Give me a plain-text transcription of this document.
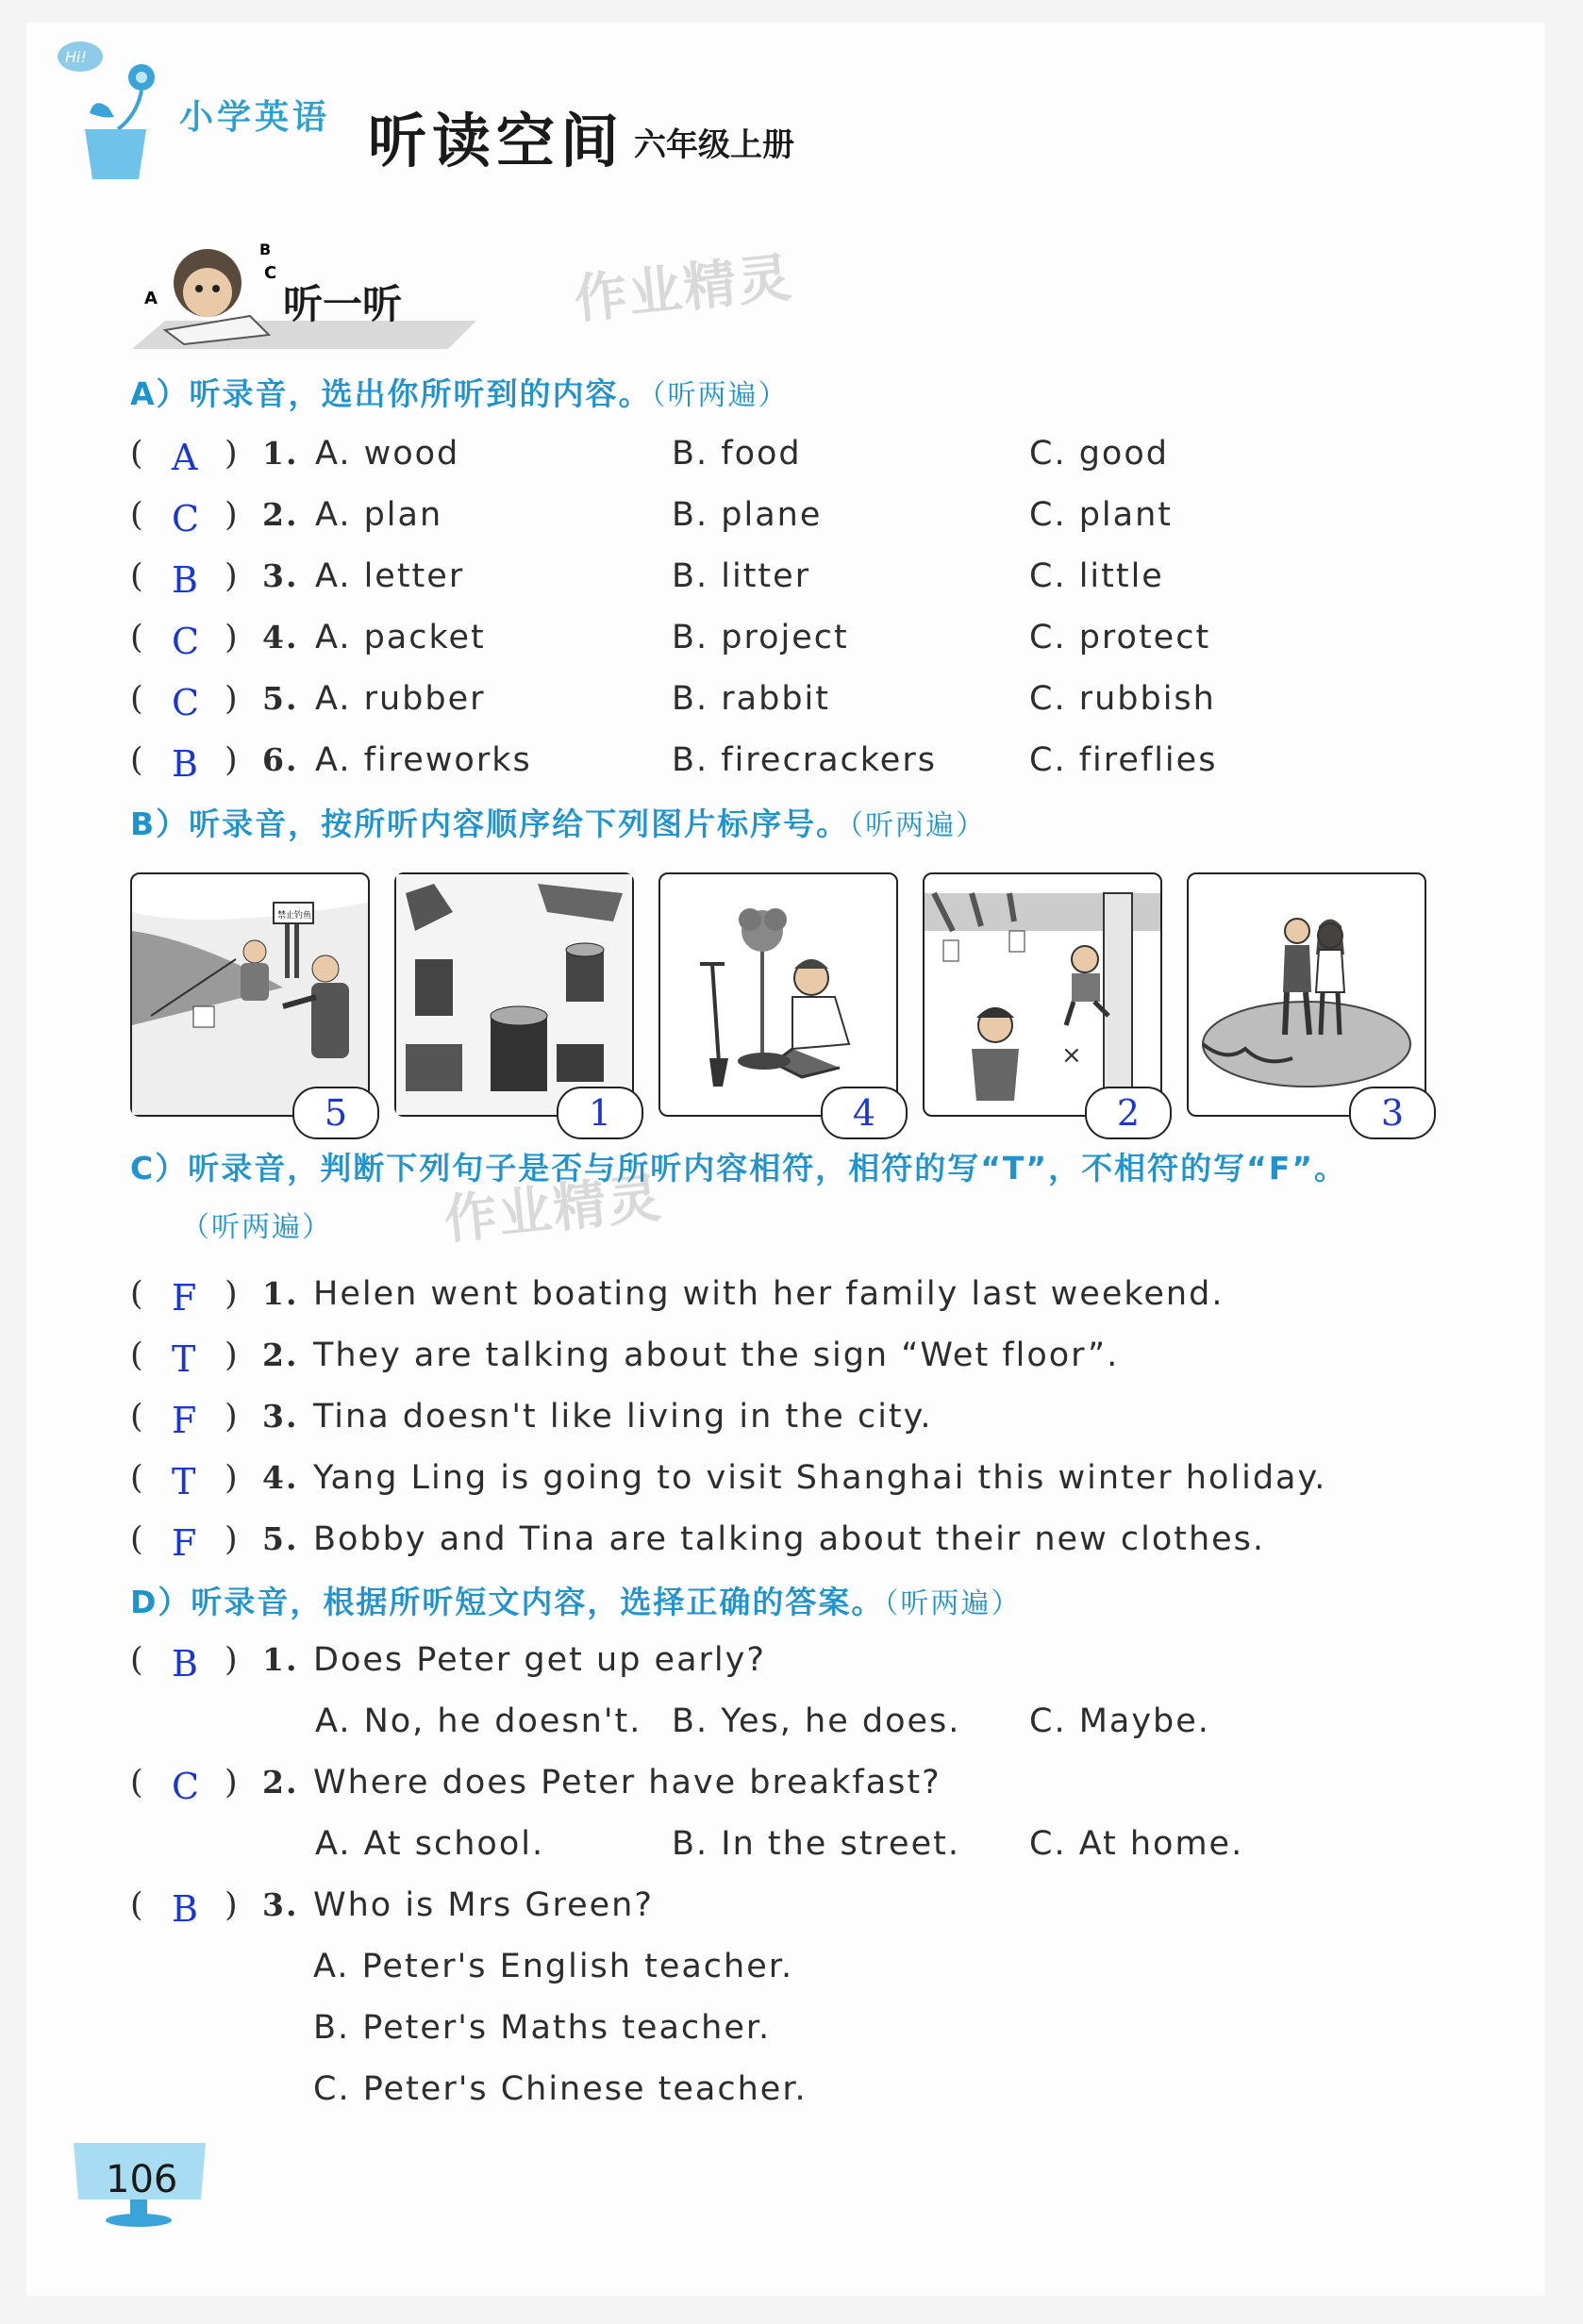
Hi!
小学英语 听读空间 六年级上册
B
C
A	听一听	作业精灵
作业精灵
A）听录音，选出你所听到的内容。（听两遍）
( A ) 1. A. wood	B. food	C. good
( C ) 2. A. plan	B. plane	C. plant
( B ) 3. A. letter	B. litter	C. little
( C ) 4. A. packet	B. project	C. protect
( C ) 5. A. rubber	B. rabbit	C. rubbish
( B ) 6. A. fireworks	B. firecrackers	C. fireflies
B）听录音，按所听内容顺序给下列图片标序号。（听两遍）
禁止钓鱼
5	1	4
×
2	3
C）听录音，判断下列句子是否与所听内容相符，相符的写“T”，不相符的写“F”。
（听两遍）
( F ) 1. Helen went boating with her family last weekend.
( T ) 2. They are talking about the sign “Wet floor”.
( F ) 3. Tina doesn't like living in the city.
( T ) 4. Yang Ling is going to visit Shanghai this winter holiday.
( F ) 5. Bobby and Tina are talking about their new clothes.
D）听录音，根据所听短文内容，选择正确的答案。（听两遍）
( B ) 1. Does Peter get up early?
A. No, he doesn't. B. Yes, he does. C. Maybe.
( C ) 2. Where does Peter have breakfast?
A. At school.	B. In the street. C. At home.
( B ) 3. Who is Mrs Green?
A. Peter's English teacher.
B. Peter's Maths teacher.
C. Peter's Chinese teacher.
106
